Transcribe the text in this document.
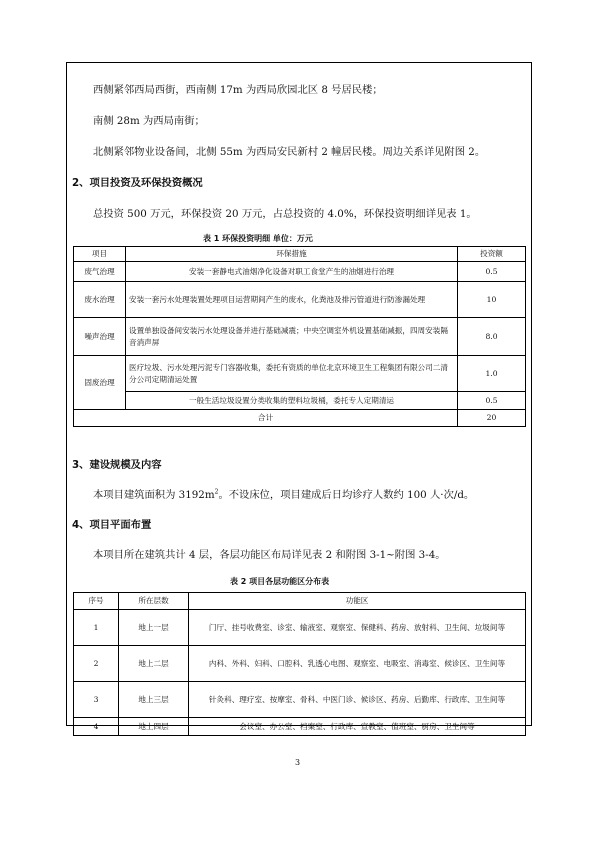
西侧紧邻西局西街，西南侧 17m 为西局欣园北区 8 号居民楼；
南侧 28m 为西局南街；
北侧紧邻物业设备间，北侧 55m 为西局安民新村 2 幢居民楼。周边关系详见附图 2。
2、项目投资及环保投资概况
总投资 500 万元，环保投资 20 万元，占总投资的 4.0%，环保投资明细详见表 1。
表 1 环保投资明细 单位：万元
项目	环保措施	投资额
废气治理	安装一套静电式油烟净化设备对职工食堂产生的油烟进行治理	0.5
废水治理	安装一套污水处理装置处理项目运营期间产生的废水，化粪池及排污管道进行防渗漏处理	10
噪声治理	设置单独设备间安装污水处理设备并进行基础减震；中央空调室外机设置基础减振，四周安装隔音消声屏	8.0
固废治理	医疗垃圾、污水处理污泥专门容器收集，委托有资质的单位北京环境卫生工程集团有限公司二清分公司定期清运处置	1.0
	一般生活垃圾设置分类收集的塑料垃圾桶，委托专人定期清运	0.5
合计		20
3、建设规模及内容
本项目建筑面积为 $3192m^2$。不设床位，项目建成后日均诊疗人数约 100 人·次/d。
4、项目平面布置
本项目所在建筑共计 4 层，各层功能区布局详见表 2 和附图 3-1~附图 3-4。
表 2 项目各层功能区分布表
序号	所在层数	功能区
1	地上一层	门厅、挂号收费室、诊室、输液室、观察室、保健科、药房、放射科、卫生间、垃圾间等
2	地上二层	内科、外科、妇科、口腔科、乳透心电图、观察室、电吸室、消毒室、候诊区、卫生间等
3	地上三层	针灸科、理疗室、按摩室、骨科、中医门诊、候诊区、药房、后勤库、行政库、卫生间等
4	地上四层	会议室、办公室、档案室、行政库、宣教室、值班室、厨房、卫生间等
3
